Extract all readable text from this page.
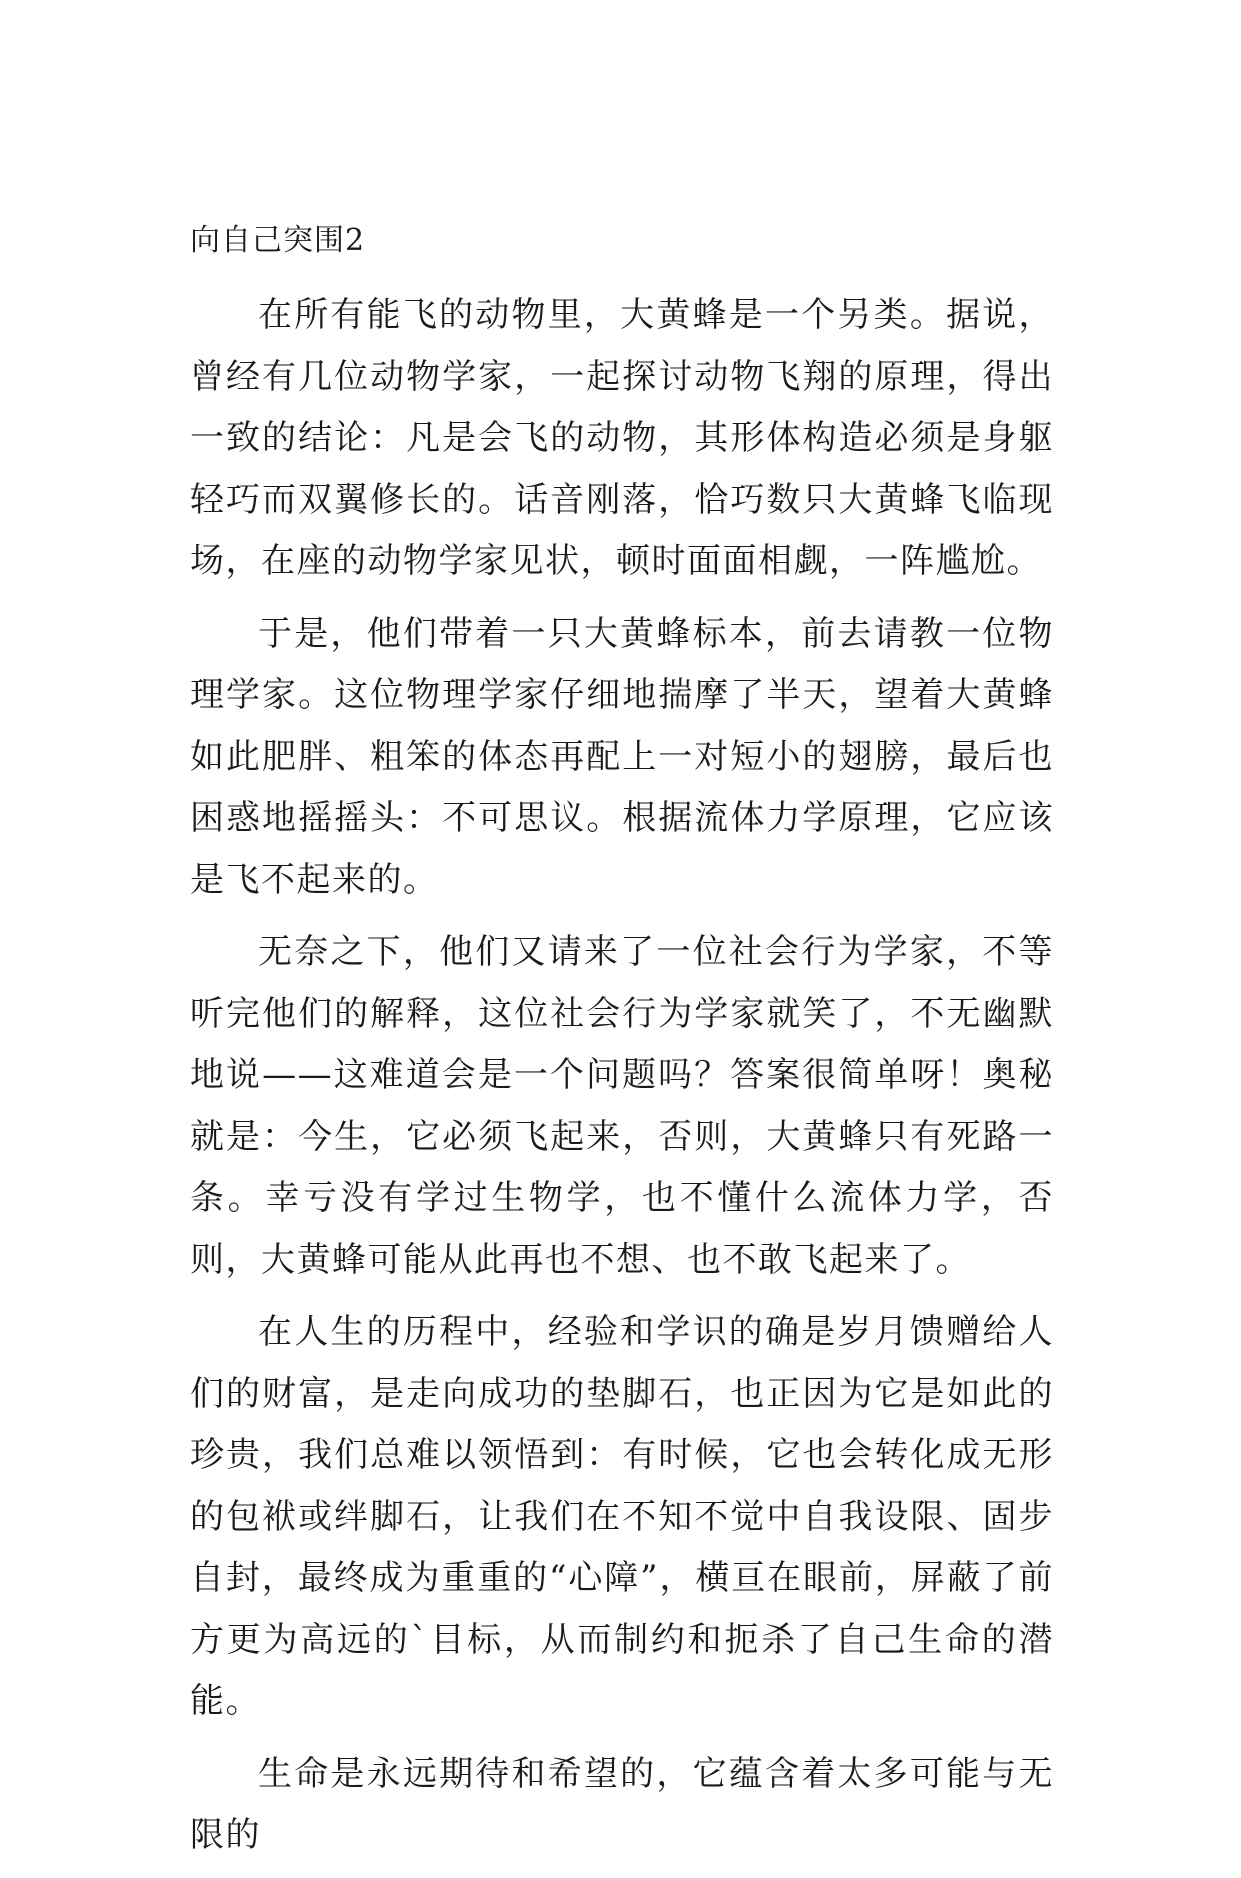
向自己突围2

在所有能飞的动物里，大黄蜂是一个另类。据说，曾经有几位动物学家，一起探讨动物飞翔的原理，得出一致的结论：凡是会飞的动物，其形体构造必须是身躯轻巧而双翼修长的。话音刚落，恰巧数只大黄蜂飞临现场，在座的动物学家见状，顿时面面相觑，一阵尴尬。

于是，他们带着一只大黄蜂标本，前去请教一位物理学家。这位物理学家仔细地揣摩了半天，望着大黄蜂如此肥胖、粗笨的体态再配上一对短小的翅膀，最后也困惑地摇摇头：不可思议。根据流体力学原理，它应该是飞不起来的。

无奈之下，他们又请来了一位社会行为学家，不等听完他们的解释，这位社会行为学家就笑了，不无幽默地说——这难道会是一个问题吗？答案很简单呀！奥秘就是：今生，它必须飞起来，否则，大黄蜂只有死路一条。幸亏没有学过生物学，也不懂什么流体力学，否则，大黄蜂可能从此再也不想、也不敢飞起来了。

在人生的历程中，经验和学识的确是岁月馈赠给人们的财富，是走向成功的垫脚石，也正因为它是如此的珍贵，我们总难以领悟到：有时候，它也会转化成无形的包袱或绊脚石，让我们在不知不觉中自我设限、固步自封，最终成为重重的“心障”，横亘在眼前，屏蔽了前方更为高远的`目标，从而制约和扼杀了自己生命的潜能。

生命是永远期待和希望的，它蕴含着太多可能与无限的
